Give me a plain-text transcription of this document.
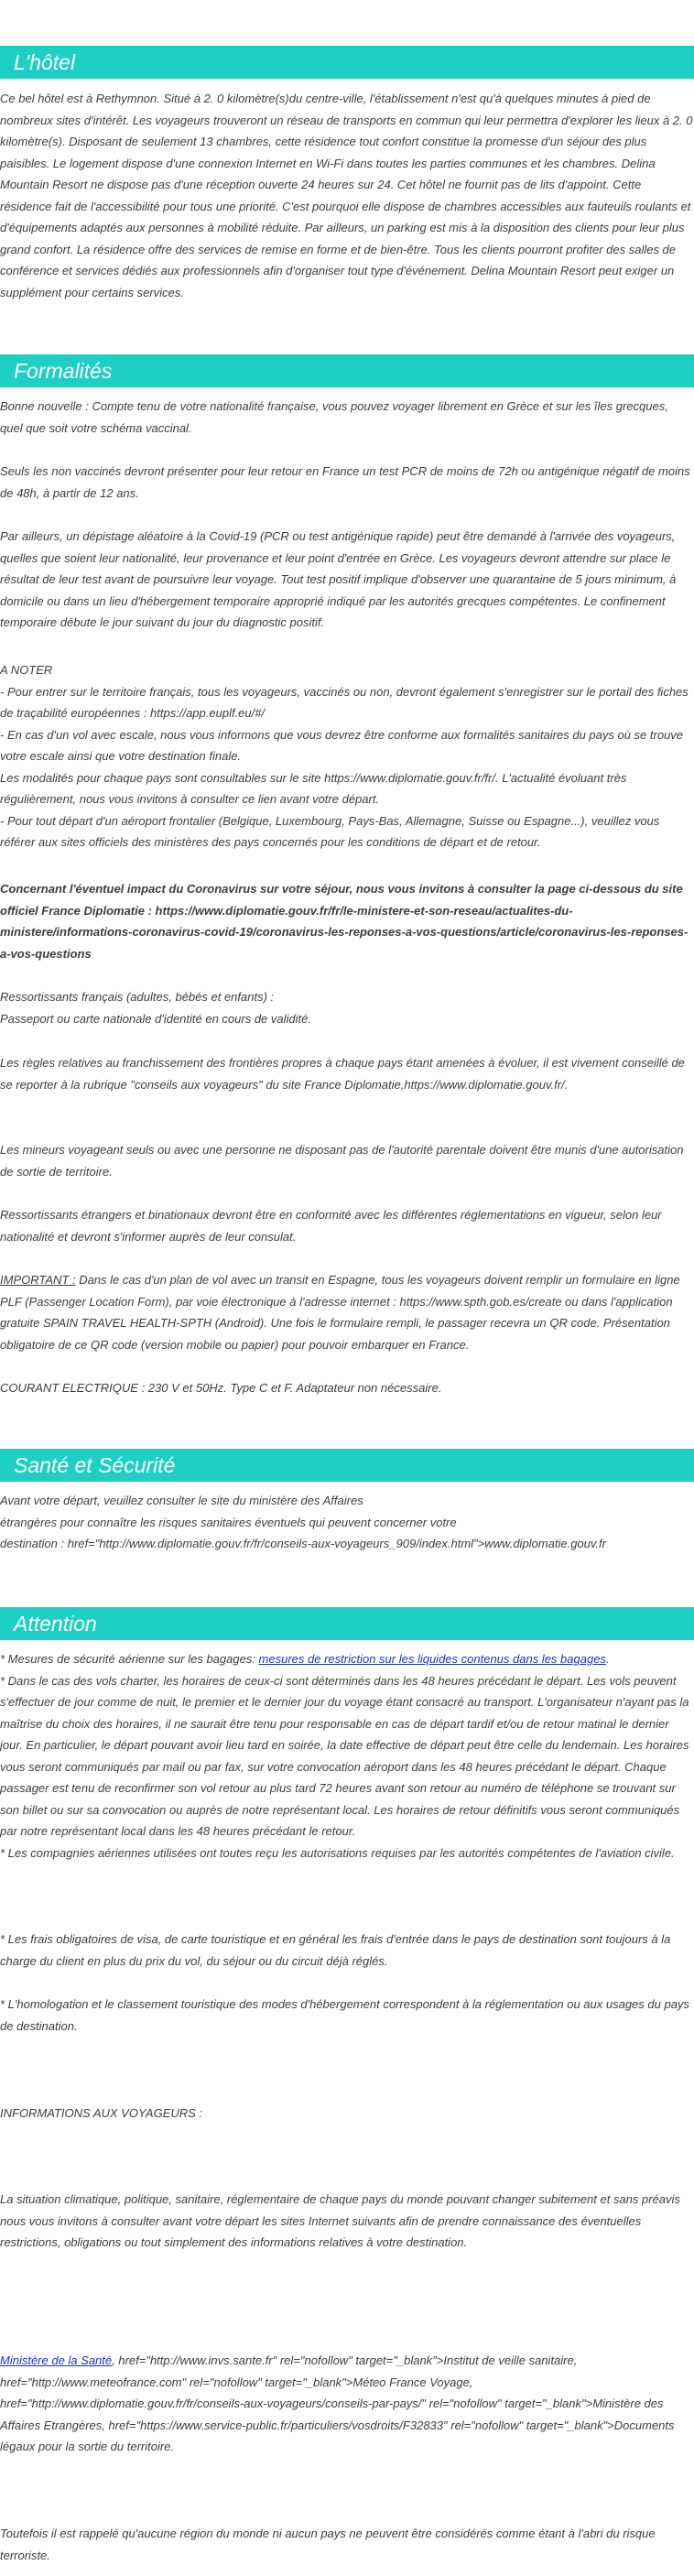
L'hôtel

Ce bel hôtel est à Rethymnon. Situé à 2. 0 kilomètre(s)du centre-ville, l'établissement n'est qu'à quelques minutes à pied de nombreux sites d'intérêt. Les voyageurs trouveront un réseau de transports en commun qui leur permettra d'explorer les lieux à 2. 0 kilomètre(s). Disposant de seulement 13 chambres, cette résidence tout confort constitue la promesse d'un séjour des plus paisibles. Le logement dispose d'une connexion Internet en Wi-Fi dans toutes les parties communes et les chambres. Delina Mountain Resort ne dispose pas d'une réception ouverte 24 heures sur 24. Cet hôtel ne fournit pas de lits d'appoint. Cette résidence fait de l'accessibilité pour tous une priorité. C'est pourquoi elle dispose de chambres accessibles aux fauteuils roulants et d'équipements adaptés aux personnes à mobilité réduite. Par ailleurs, un parking est mis à la disposition des clients pour leur plus grand confort. La résidence offre des services de remise en forme et de bien-être. Tous les clients pourront profiter des salles de conférence et services dédiés aux professionnels afin d'organiser tout type d'événement. Delina Mountain Resort peut exiger un supplément pour certains services.

Formalités

Bonne nouvelle : Compte tenu de votre nationalité française, vous pouvez voyager librement en Grèce et sur les îles grecques, quel que soit votre schéma vaccinal.

Seuls les non vaccinés devront présenter pour leur retour en France un test PCR de moins de 72h ou antigénique négatif de moins de 48h, à partir de 12 ans.

Par ailleurs, un dépistage aléatoire à la Covid-19 (PCR ou test antigénique rapide) peut être demandé à l'arrivée des voyageurs, quelles que soient leur nationalité, leur provenance et leur point d'entrée en Grèce. Les voyageurs devront attendre sur place le résultat de leur test avant de poursuivre leur voyage. Tout test positif implique d'observer une quarantaine de 5 jours minimum, à domicile ou dans un lieu d'hébergement temporaire approprié indiqué par les autorités grecques compétentes. Le confinement temporaire débute le jour suivant du jour du diagnostic positif.

A NOTER

- Pour entrer sur le territoire français, tous les voyageurs, vaccinés ou non, devront également s'enregistrer sur le portail des fiches de traçabilité européennes : https://app.euplf.eu/#/

- En cas d'un vol avec escale, nous vous informons que vous devrez être conforme aux formalités sanitaires du pays où se trouve votre escale ainsi que votre destination finale.

Les modalités pour chaque pays sont consultables sur le site https://www.diplomatie.gouv.fr/fr/. L'actualité évoluant très régulièrement, nous vous invitons à consulter ce lien avant votre départ.

- Pour tout départ d'un aéroport frontalier (Belgique, Luxembourg, Pays-Bas, Allemagne, Suisse ou Espagne...), veuillez vous référer aux sites officiels des ministères des pays concernés pour les conditions de départ et de retour.

Concernant l'éventuel impact du Coronavirus sur votre séjour, nous vous invitons à consulter la page ci-dessous du site officiel France Diplomatie : https://www.diplomatie.gouv.fr/fr/le-ministere-et-son-reseau/actualites-du-ministere/informations-coronavirus-covid-19/coronavirus-les-reponses-a-vos-questions/article/coronavirus-les-reponses-a-vos-questions

Ressortissants français (adultes, bébés et enfants) :

Passeport ou carte nationale d'identité en cours de validité.

Les règles relatives au franchissement des frontières propres à chaque pays étant amenées à évoluer, il est vivement conseillé de se reporter à la rubrique "conseils aux voyageurs" du site France Diplomatie,https://www.diplomatie.gouv.fr/.

Les mineurs voyageant seuls ou avec une personne ne disposant pas de l'autorité parentale doivent être munis d'une autorisation de sortie de territoire.

Ressortissants étrangers et binationaux devront être en conformité avec les différentes réglementations en vigueur, selon leur nationalité et devront s'informer auprès de leur consulat.

IMPORTANT : Dans le cas d'un plan de vol avec un transit en Espagne, tous les voyageurs doivent remplir un formulaire en ligne PLF (Passenger Location Form), par voie électronique à l'adresse internet : https://www.spth.gob.es/create ou dans l'application gratuite SPAIN TRAVEL HEALTH-SPTH (Android). Une fois le formulaire rempli, le passager recevra un QR code. Présentation obligatoire de ce QR code (version mobile ou papier) pour pouvoir embarquer en France.

COURANT ELECTRIQUE : 230 V et 50Hz. Type C et F. Adaptateur non nécessaire.

Santé et Sécurité

Avant votre départ, veuillez consulter le site du ministère des Affaires

étrangères pour connaître les risques sanitaires éventuels qui peuvent concerner votre

destination : href="http://www.diplomatie.gouv.fr/fr/conseils-aux-voyageurs_909/index.html">www.diplomatie.gouv.fr

Attention

* Mesures de sécurité aérienne sur les bagages: mesures de restriction sur les liquides contenus dans les bagages.

* Dans le cas des vols charter, les horaires de ceux-ci sont déterminés dans les 48 heures précédant le départ. Les vols peuvent s'effectuer de jour comme de nuit, le premier et le dernier jour du voyage étant consacré au transport. L'organisateur n'ayant pas la maîtrise du choix des horaires, il ne saurait être tenu pour responsable en cas de départ tardif et/ou de retour matinal le dernier jour. En particulier, le départ pouvant avoir lieu tard en soirée, la date effective de départ peut être celle du lendemain. Les horaires vous seront communiqués par mail ou par fax, sur votre convocation aéroport dans les 48 heures précédant le départ. Chaque passager est tenu de reconfirmer son vol retour au plus tard 72 heures avant son retour au numéro de téléphone se trouvant sur son billet ou sur sa convocation ou auprès de notre représentant local. Les horaires de retour définitifs vous seront communiqués par notre représentant local dans les 48 heures précédant le retour.

* Les compagnies aériennes utilisées ont toutes reçu les autorisations requises par les autorités compétentes de l'aviation civile.

* Les frais obligatoires de visa, de carte touristique et en général les frais d'entrée dans le pays de destination sont toujours à la charge du client en plus du prix du vol, du séjour ou du circuit déjà réglés.

* L'homologation et le classement touristique des modes d'hébergement correspondent à la réglementation ou aux usages du pays de destination.

INFORMATIONS AUX VOYAGEURS :

La situation climatique, politique, sanitaire, réglementaire de chaque pays du monde pouvant changer subitement et sans préavis

nous vous invitons à consulter avant votre départ les sites Internet suivants afin de prendre connaissance des éventuelles restrictions, obligations ou tout simplement des informations relatives à votre destination.

Ministère de la Santé, href="http://www.invs.sante.fr" rel="nofollow" target="_blank">Institut de veille sanitaire, href="http://www.meteofrance.com" rel="nofollow" target="_blank">Méteo France Voyage, href="http://www.diplomatie.gouv.fr/fr/conseils-aux-voyageurs/conseils-par-pays/" rel="nofollow" target="_blank">Ministère des Affaires Etrangères, href="https://www.service-public.fr/particuliers/vosdroits/F32833" rel="nofollow" target="_blank">Documents légaux pour la sortie du territoire.

Toutefois il est rappelé qu'aucune région du monde ni aucun pays ne peuvent être considérés comme étant à l'abri du risque terroriste.
